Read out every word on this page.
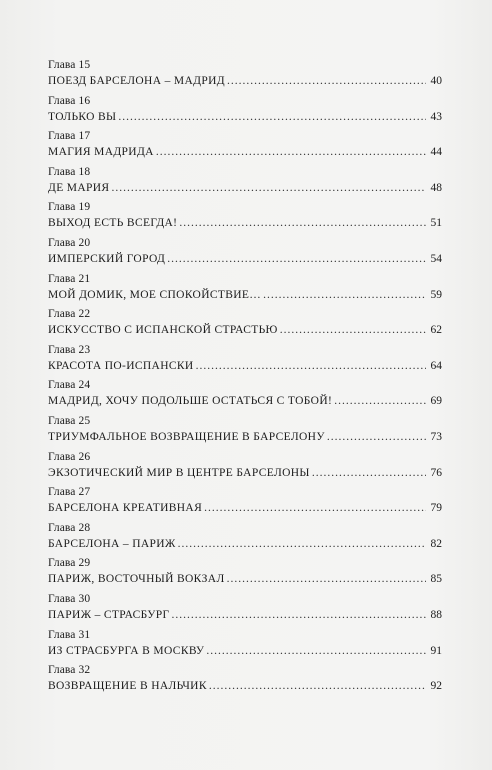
Глава 15
ПОЕЗД БАРСЕЛОНА – МАДРИД .....	40
Глава 16
ТОЛЬКО ВЫ .....	43
Глава 17
МАГИЯ МАДРИДА .....	44
Глава 18
ДЕ МАРИЯ .....	48
Глава 19
ВЫХОД ЕСТЬ ВСЕГДА! .....	51
Глава 20
ИМПЕРСКИЙ ГОРОД .....	54
Глава 21
МОЙ ДОМИК, МОЕ СПОКОЙСТВИЕ… .....	59
Глава 22
ИСКУССТВО С ИСПАНСКОЙ СТРАСТЬЮ .....	62
Глава 23
КРАСОТА ПО-ИСПАНСКИ .....	64
Глава 24
МАДРИД, ХОЧУ ПОДОЛЬШЕ ОСТАТЬСЯ С ТОБОЙ! .....	69
Глава 25
ТРИУМФАЛЬНОЕ ВОЗВРАЩЕНИЕ В БАРСЕЛОНУ .....	73
Глава 26
ЭКЗОТИЧЕСКИЙ МИР В ЦЕНТРЕ БАРСЕЛОНЫ .....	76
Глава 27
БАРСЕЛОНА КРЕАТИВНАЯ .....	79
Глава 28
БАРСЕЛОНА – ПАРИЖ .....	82
Глава 29
ПАРИЖ, ВОСТОЧНЫЙ ВОКЗАЛ .....	85
Глава 30
ПАРИЖ – СТРАСБУРГ .....	88
Глава 31
ИЗ СТРАСБУРГА В МОСКВУ .....	91
Глава 32
ВОЗВРАЩЕНИЕ В НАЛЬЧИК .....	92
